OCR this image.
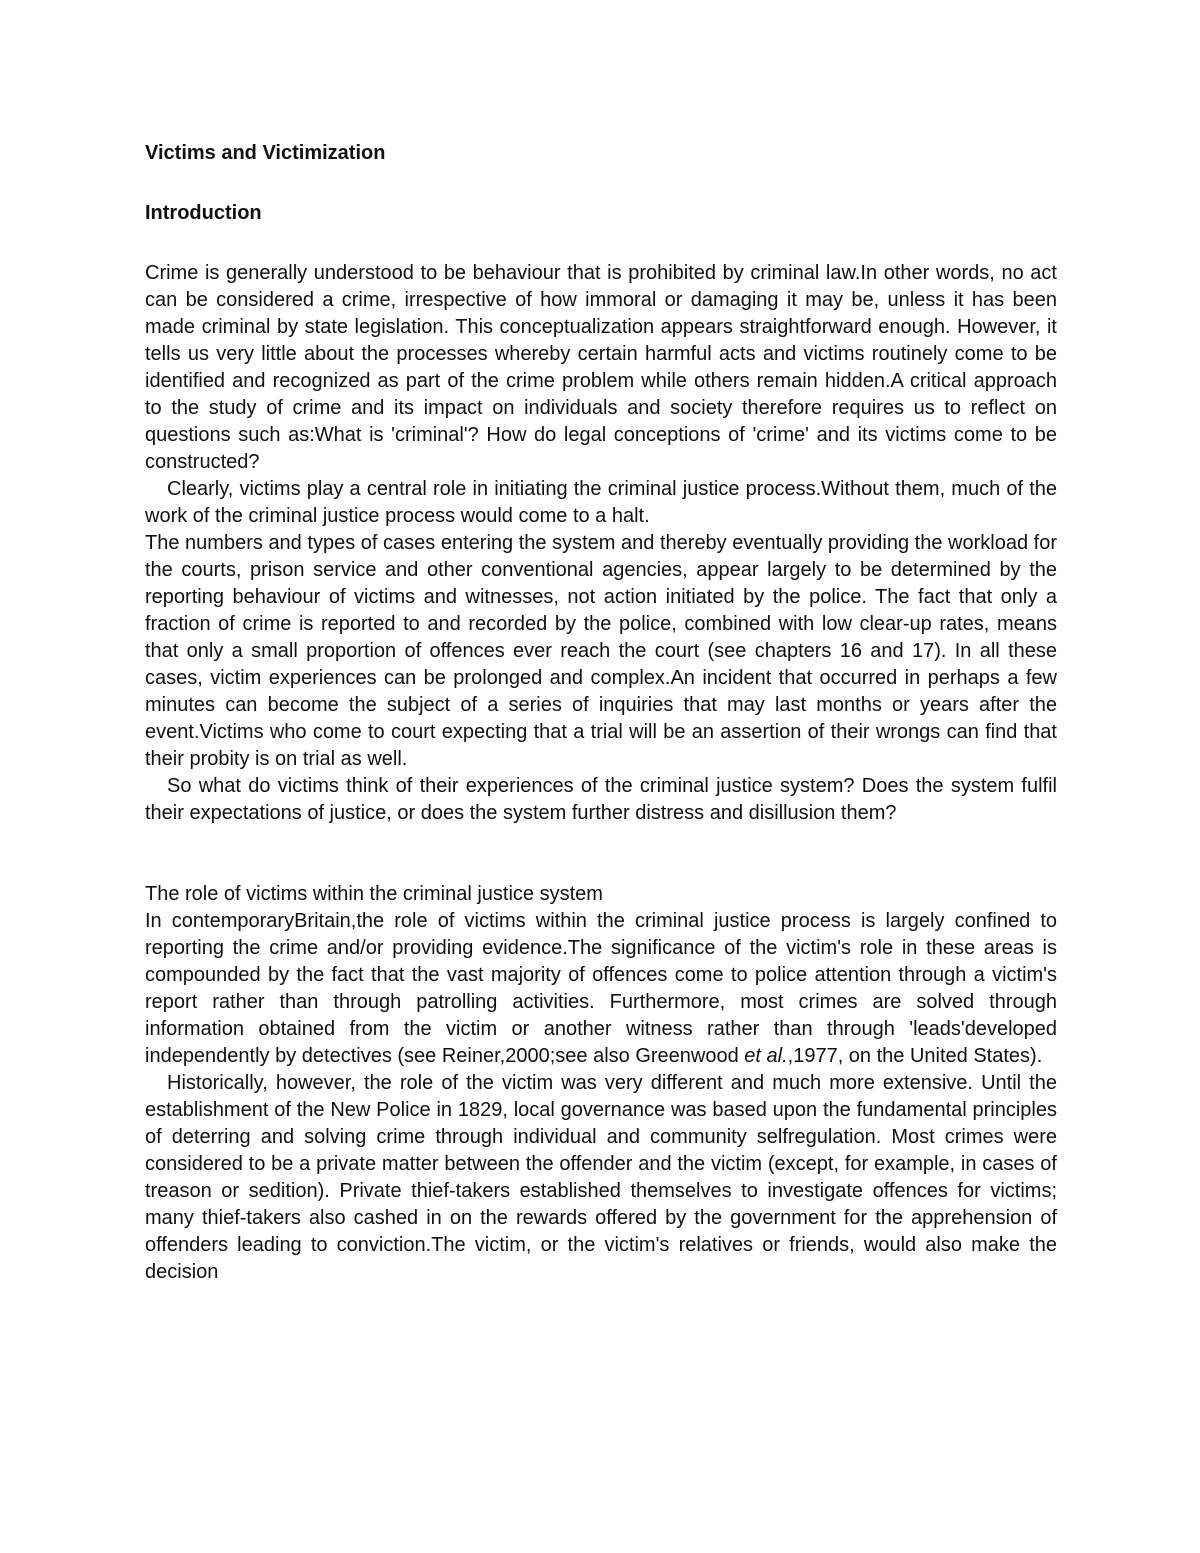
Victims and Victimization
Introduction

Crime is generally understood to be behaviour that is prohibited by criminal law.In other words, no act can be considered a crime, irrespective of how immoral or damaging it may be, unless it has been made criminal by state legislation. This conceptualization appears straightforward enough. However, it tells us very little about the processes whereby certain harmful acts and victims routinely come to be identified and recognized as part of the crime problem while others remain hidden.A critical approach to the study of crime and its impact on individuals and society therefore requires us to reflect on questions such as:What is 'criminal'? How do legal conceptions of 'crime' and its victims come to be constructed?

Clearly, victims play a central role in initiating the criminal justice process.Without them, much of the work of the criminal justice process would come to a halt.

The numbers and types of cases entering the system and thereby eventually providing the workload for the courts, prison service and other conventional agencies, appear largely to be determined by the reporting behaviour of victims and witnesses, not action initiated by the police. The fact that only a fraction of crime is reported to and recorded by the police, combined with low clear-up rates, means that only a small proportion of offences ever reach the court (see chapters 16 and 17). In all these cases, victim experiences can be prolonged and complex.An incident that occurred in perhaps a few minutes can become the subject of a series of inquiries that may last months or years after the event.Victims who come to court expecting that a trial will be an assertion of their wrongs can find that their probity is on trial as well.

So what do victims think of their experiences of the criminal justice system? Does the system fulfil their expectations of justice, or does the system further distress and disillusion them?

The role of victims within the criminal justice system

In contemporaryBritain,the role of victims within the criminal justice process is largely confined to reporting the crime and/or providing evidence.The significance of the victim's role in these areas is compounded by the fact that the vast majority of offences come to police attention through a victim's report rather than through patrolling activities. Furthermore, most crimes are solved through information obtained from the victim or another witness rather than through 'leads'developed independently by detectives (see Reiner,2000;see also Greenwood et al.,1977, on the United States).

Historically, however, the role of the victim was very different and much more extensive. Until the establishment of the New Police in 1829, local governance was based upon the fundamental principles of deterring and solving crime through individual and community selfregulation. Most crimes were considered to be a private matter between the offender and the victim (except, for example, in cases of treason or sedition). Private thief-takers established themselves to investigate offences for victims; many thief-takers also cashed in on the rewards offered by the government for the apprehension of offenders leading to conviction.The victim, or the victim's relatives or friends, would also make the decision
